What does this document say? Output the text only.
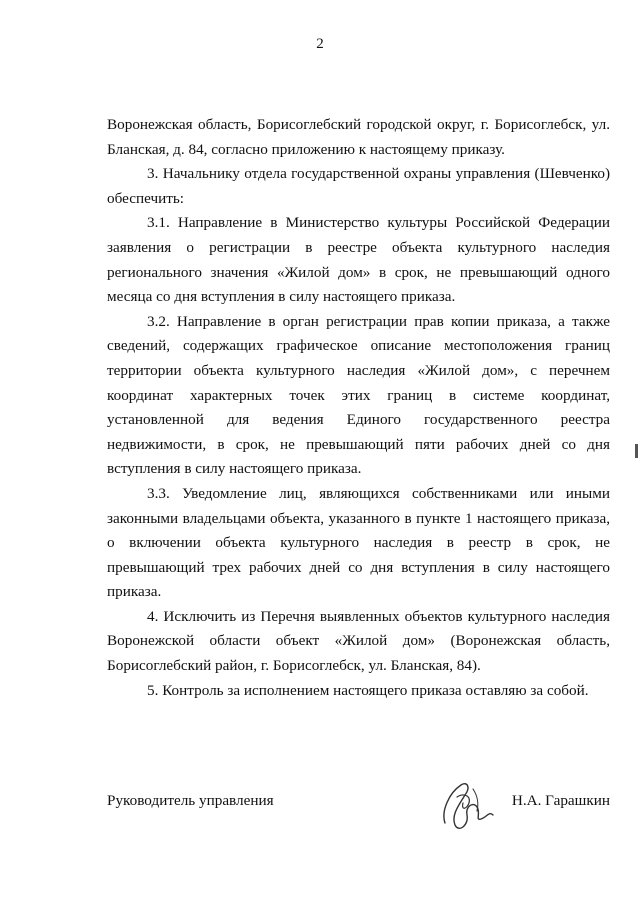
2

Воронежская область, Борисоглебский городской округ, г. Борисоглебск, ул. Бланская, д. 84, согласно приложению к настоящему приказу.

3. Начальнику отдела государственной охраны управления (Шевченко) обеспечить:

3.1. Направление в Министерство культуры Российской Федерации заявления о регистрации в реестре объекта культурного наследия регионального значения «Жилой дом» в срок, не превышающий одного месяца со дня вступления в силу настоящего приказа.

3.2. Направление в орган регистрации прав копии приказа, а также сведений, содержащих графическое описание местоположения границ территории объекта культурного наследия «Жилой дом», с перечнем координат характерных точек этих границ в системе координат, установленной для ведения Единого государственного реестра недвижимости, в срок, не превышающий пяти рабочих дней со дня вступления в силу настоящего приказа.

3.3. Уведомление лиц, являющихся собственниками или иными законными владельцами объекта, указанного в пункте 1 настоящего приказа, о включении объекта культурного наследия в реестр в срок, не превышающий трех рабочих дней со дня вступления в силу настоящего приказа.

4. Исключить из Перечня выявленных объектов культурного наследия Воронежской области объект «Жилой дом» (Воронежская область, Борисоглебский район, г. Борисоглебск, ул. Бланская, 84).

5. Контроль за исполнением настоящего приказа оставляю за собой.

Руководитель управления	Н.А. Гарашкин
